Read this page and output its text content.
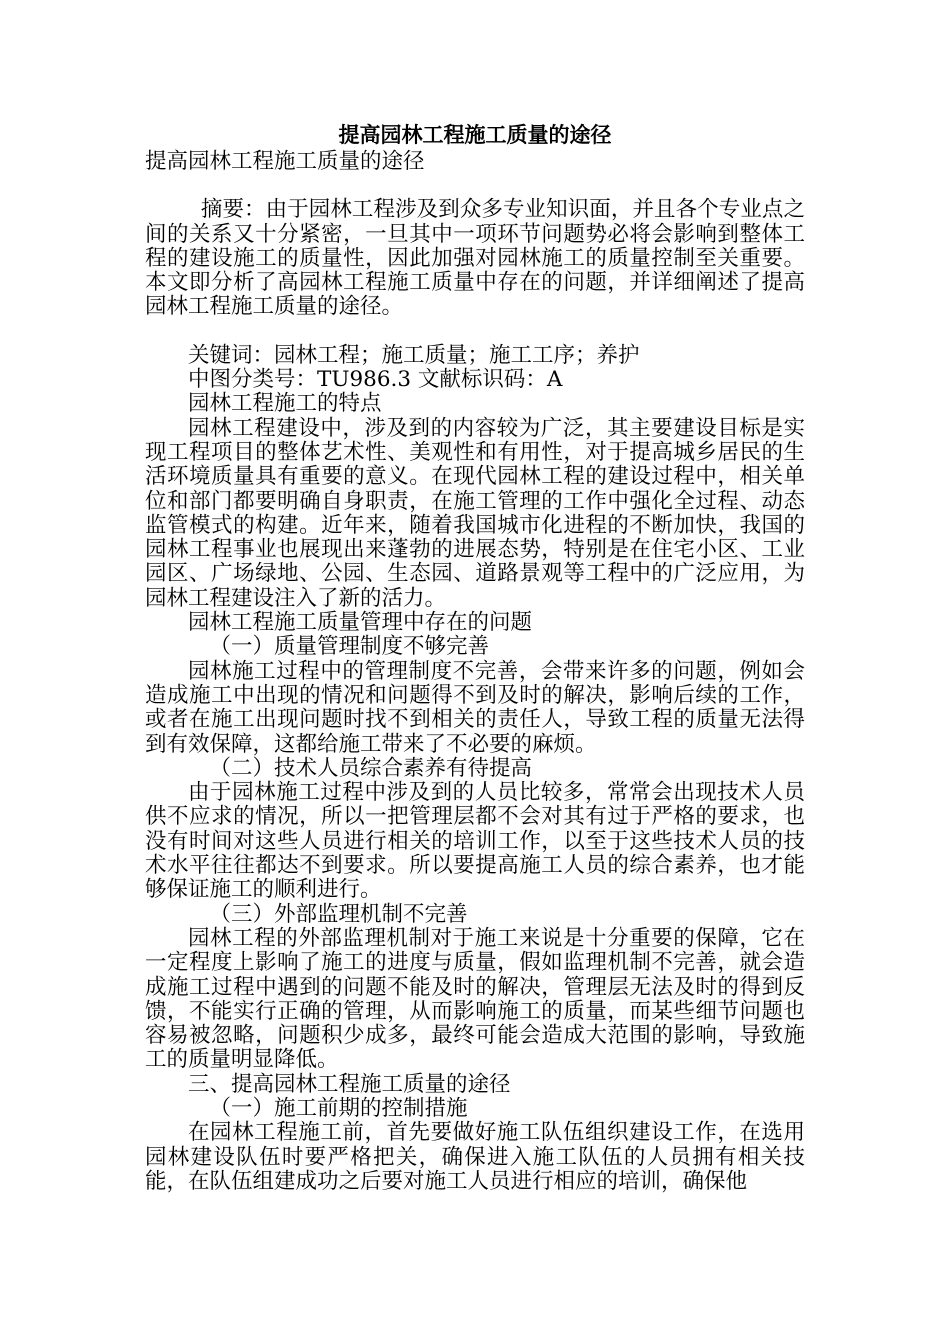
提高园林工程施工质量的途径
提高园林工程施工质量的途径

摘要：由于园林工程涉及到众多专业知识面，并且各个专业点之间的关系又十分紧密，一旦其中一项环节问题势必将会影响到整体工程的建设施工的质量性，因此加强对园林施工的质量控制至关重要。本文即分析了高园林工程施工质量中存在的问题，并详细阐述了提高园林工程施工质量的途径。

关键词：园林工程；施工质量；施工工序；养护

中图分类号：TU986.3 文献标识码：A

园林工程施工的特点

园林工程建设中，涉及到的内容较为广泛，其主要建设目标是实现工程项目的整体艺术性、美观性和有用性，对于提高城乡居民的生活环境质量具有重要的意义。在现代园林工程的建设过程中，相关单位和部门都要明确自身职责，在施工管理的工作中强化全过程、动态监管模式的构建。近年来，随着我国城市化进程的不断加快，我国的园林工程事业也展现出来蓬勃的进展态势，特别是在住宅小区、工业园区、广场绿地、公园、生态园、道路景观等工程中的广泛应用，为园林工程建设注入了新的活力。

园林工程施工质量管理中存在的问题

（一）质量管理制度不够完善

园林施工过程中的管理制度不完善，会带来许多的问题，例如会造成施工中出现的情况和问题得不到及时的解决，影响后续的工作，或者在施工出现问题时找不到相关的责任人，导致工程的质量无法得到有效保障，这都给施工带来了不必要的麻烦。

（二）技术人员综合素养有待提高

由于园林施工过程中涉及到的人员比较多，常常会出现技术人员供不应求的情况，所以一把管理层都不会对其有过于严格的要求，也没有时间对这些人员进行相关的培训工作，以至于这些技术人员的技术水平往往都达不到要求。所以要提高施工人员的综合素养，也才能够保证施工的顺利进行。

（三）外部监理机制不完善

园林工程的外部监理机制对于施工来说是十分重要的保障，它在一定程度上影响了施工的进度与质量，假如监理机制不完善，就会造成施工过程中遇到的问题不能及时的解决，管理层无法及时的得到反馈，不能实行正确的管理，从而影响施工的质量，而某些细节问题也容易被忽略，问题积少成多，最终可能会造成大范围的影响，导致施工的质量明显降低。

三、提高园林工程施工质量的途径

（一）施工前期的控制措施

在园林工程施工前，首先要做好施工队伍组织建设工作，在选用园林建设队伍时要严格把关，确保进入施工队伍的人员拥有相关技能，在队伍组建成功之后要对施工人员进行相应的培训，确保他
